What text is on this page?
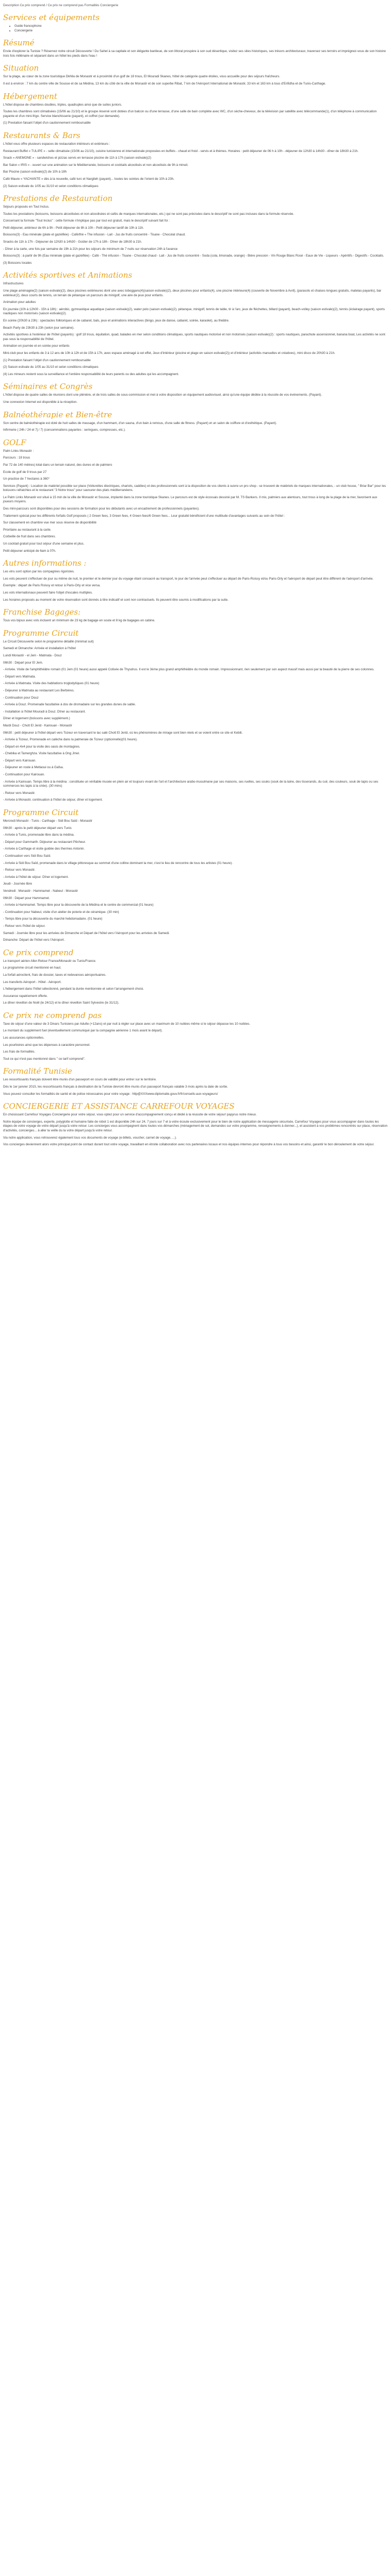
Description Ce prix comprend / Ce prix ne comprend pas Formalités Conciergerie

Services et équipements
• Guide francophone
• Conciergerie
Résumé

Envie d'explorer la Tunisie ? Réservez notre circuit Découverte ! Du Sahel à sa capitale et son élégante banlieue, de son littoral prospère à son sud désertique, visitez ses sites historiques, ses trésors architecturaux, traversez ses terroirs et imprégnez-vous de son histoire trois fois millénaire et séparant dans un hôtel les pieds dans l'eau !

Situation

Sur la plage, au cœur de la zone touristique Dkhila de Monastir et à proximité d'un golf de 18 trous, El Mouradi Skanes, hôtel de catégorie quatre étoiles, vous accueille pour des séjours fraîcheurs.

Il est à environ : 7 km du centre ville de Sousse et de sa Médina, 13 km du côté de la ville de Monastir et de son superbe Ribat, 7 km de l'Aéroport International de Monastir, 33 km et 163 km à tous d'Enfidha et de Tunis-Carthage.

Hébergement

L'hôtel dispose de chambres doubles, triples, quadruples ainsi que de suites juniors.

Toutes les chambres sont climatisées (15/06 au 21/10) et le groupe réservé sont dotées d'un balcon ou d'une terrasse, d'une salle de bain complète avec WC, d'un sèche-cheveux, de la télévision par satellite avec télécommande(1), d'un téléphone à communication payante et d'un mini-frigo. Service blanchisserie (payant), et coffret (sur demande).

(1) Prestation faisant l'objet d'un cautionnement remboursable

Restaurants & Bars

L'hôtel vous offre plusieurs espaces de restauration intérieurs et extérieurs :

Restaurant Buffet « TULIPE » - selle climatisée (15/06 au 21/10), cuisine tunisienne et internationale proposées en buffets - chaud et froid - servis et à thèmes. Horaires : petit déjeuner de 06 h à 10h - déjeuner de 12h30 à 14h30 - dîner de 18h30 à 21h.

Snack « ANEMONE » - sandwiches et pizzas servis en terrasse piscine de 11h à 17h (saison estivale)(2)

Bar Salon « IRIS » - ouvert sur une animation sur le Méditerranée, boissons et cocktails alcoolisés et non alcoolisés de 9h à minuit.

Bar Piscine (saison estivale)(2) de 10h à 18h

Café Maure « YACHANTE » dès à la nouvelle, café turc et Nargileh (payant)... toutes les soirées de l'orient de 10h à 23h.

(2) Saison estivale du 1/05 au 31/10 et selon conditions climatiques

Prestations de Restauration

Séjours proposés en Tout Inclus.

Toutes les prestations (boissons, boissons alcoolisées et non alcoolisées et cafés de marques internationales, etc.) qui ne sont pas précisées dans le descriptif ne sont pas incluses dans la formule réservée.

Concernant la formule "Tout Inclus" : cette formule n'implique pas par tout est gratuit, mais le descriptif suivant fait foi :

Petit déjeuner, antérieur de 6h à 9h - Petit déjeuner de 8h à 10h - Petit déjeuner tardif de 10h à 11h.

Boissons(3) - Eau minérale (plate et gazéifiée) - Café/thé « The infusion - Lait - Jus de fruits concentré - Tisane - Chocolat chaud.

Snacks de 11h à 17h - Déjeuner de 12h30 à 14h30 - Goûter de 17h à 18h - Dîner de 18h30 à 21h.

- Dîner à la carte, une fois par semaine de 19h à 21h pour les séjours de minimum de 7 nuits sur réservation 24h à l'avance

Boissons(3) : à partir de 9h (Eau minérale (plate et gazéifiée) - Café - Thé infusion - Tisane - Chocolat chaud - Lait - Jus de fruits concentré - Soda (cola, limonade, orange) - Bière pression - Vin Rouge Blanc Rosé - Eaux de Vie - Liqueurs - Apéritifs - Digestifs - Cocktails.

(3) Boissons locales

Activités sportives et Animations

Infrastructures

Une plage aménagée(2) (saison estivale)(2), deux piscines extérieures dont une avec toboggans(4)(saison estivale)(2), deux piscines pour enfants(4), une piscine intérieure(4) (couverte de Novembre à Avril), (parasols et chaises longues gratuits, matelas payants), bar extérieur(2), deux courts de tennis, un terrain de pétanque un parcours de minigolf, une aire de jeux pour enfants.

Animation pour adultes

En journée (10h à 12h00 - 15h à 18h) : aérobic, gymnastique aquatique (saison estivale)(2), water polo (saison estivale)(2), pétanque, minigolf, tennis de table, tir à l'arc, jeux de fléchettes, billard (payant), beach-volley (saison estivale)(2), tennis (éclairage payant), sports nautiques non motorisés (saison estivale)(2).

En soirée (20h30 à 23h) : spectacles folkloriques et de cabaret, bals, jeux et animations interactives (bingo, jeux de danse, cabaret, soirée, karaoké), au théâtre.

Beach Party de 23h30 à 23h (selon jour semaine).

Activités sportives à l'extérieur de l'hôtel (payants) : golf 18 trous, équitation, quad, balades en mer selon conditions climatiques, sports nautiques motorisé et non motorisés (saison estivale)(2) : sports nautiques, parachute ascensionnel, banana boat, Les activités ne sont pas sous la responsabilité de l'hôtel.

Animation en journée et en soirée pour enfants

Mini-club pour les enfants de 3 à 12 ans de 10h à 12h et de 15h à 17h, avec espace aménagé à cet effet, Jeux d'intérieur (piscine et plage en saison estivale(2)) et d'intérieur (activités manuelles et créatives), mini disco de 20h30 à 21h.

(1) Prestation faisant l'objet d'un cautionnement remboursable

(2) Saison estivale du 1/05 au 31/10 et selon conditions climatiques

(4) Les mineurs restent sous la surveillance et l'entière responsabilité de leurs parents ou des adultes qui les accompagnent.

Séminaires et Congrès

L'hôtel dispose de quatre salles de réunions dont une plénière, et de trois salles de sous-commission et met à votre disposition un équipement audiovisuel, ainsi qu'une équipe dédiée à la réussite de vos événements. (Payant).

Une connexion Internet est disponible à la réception.

Balnéothérapie et Bien-être

Son centre de balnéothérapie est doté de huit salles de massage, d'un hammam, d'un sauna, d'un bain à remous, d'une salle de fitness. (Payant) et un salon de coiffure et d'esthétique. (Payant).

Infirmerie ( 24h / 24 et 7j / 7) (consommations payantes : seringues, compresses, etc.).

GOLF

Palm Links Monastir :

Parcours : 18 trous

Par 72 de 140 mètres(-total dans un terrain naturel, des dunes et de palmiers

Ecole de golf de 9 trous par 27

Un practice de 7 hectares à 360°

Services (Payant) : Location de matériel possible sur place (Voiturettes électriques, chariots, caddies) et des professionnels sont à la disposition de vos clients à suivre un pro shop - se trouvent de matériels de marques internationales, - un club house, " Briar Bar" pour les boissons rafraichies et le restaurant "3 Notre trous" pour savourer des plats méditerranéens.

Le Palm Links Monastir est situé à 15 min de la ville de Monastir et Sousse, implanté dans la zone touristique Skanes. Le parcours est de style écossais dessiné par M. TS Bankers. Il mix, palmiers aux alentours, tout trous à long de la plage de la mer, favorisent aux joueurs moyens.

Des mini-parcours sont disponibles pour des sessions de formation pour les débutants avec un encadrement de professionnels (payantes).

Traitement spécial pour les différents forfaits Golf proposés ( 2 Green fees, 3 Green fees, 4 Green fees/6 Green fees... Leur gratuité bénéficient d'une multitude d'avantages suivants au sein de l'hôtel :

Sur classement en chambre vue mer sous réserve de disponibilité

Prioritaire au restaurant à la carte.

Corbeille de fruit dans ses chambres.

Un cocktail gratuit pour tout séjour d'une semaine et plus.

Petit déjeuner anticipé de 6am à 07h.

Autres informations :

Les vins sont option par les compagnies rigoristes.

Les vols peuvent s'effectuer de jour ou même de nuit, le premier et le dernier jour du voyage étant consacré au transport, le jour de l'arrivée peut s'effectuer au départ de Paris-Roissy et/ou Paris-Orly et l'aéroport de départ peut être différent de l'aéroport d'arrivée.

Exemple : départ de Paris Roissy et retour à Paris-Orly et vice versa.

Les vols internationaux peuvent faire l'objet d'escales multiples.

Les horaires proposés au moment de votre réservation sont donnés à titre indicatif et sont non contractuels. Ils peuvent être soumis à modifications par la suite.

Franchise Bagages:

Tous vos bijoux avec vols incluent un minimum de 23 kg de bagage en soute et 8 kg de bagages en cabine.

Programme Circuit

Le Circuit Découverte selon le programme détaillé (minimal suit)

Samedi et Dimanche: Arrivée et installation à l'hôtel

Lundi Monastir - el Jem - Matmata - Douz

06h30 : Départ pour El Jem.

- Arrivée. Visite de l'amphithéâtre romain (01 Jem (01 heure) aussi appelé Colisée de Thysdrus. Il est le 3ème plus grand amphithéâtre du monde romain. Impressionnant, rien seulement par son aspect massif mais aussi par la beauté de la pierre de ses colonnes.

- Départ vers Matmata.

- Arrivée à Matmata. Visite des habitations troglodytiques (01 heure)

- Déjeuner à Matmata au restaurant Les Berbères.

- Continuation pour Douz

- Arrivée à Douz. Promenade facultative à dos de dromadaire sur les grandes dunes de sable.

- Installation à l'hôtel Mouradi à Douz. Dîner au restaurant.

Dîner et logement (boissons avec supplément.)

Mardi Douz - Chott El Jerid - Kairouan - Monastir

06h30 : petit déjeuner à l'hôtel départ vers Tozeur en traversant le lac salé Chott El Jerid, où les phénomènes de mirage sont bien réels et se voient entre ce site et Kebili.

- Arrivée à Tozeur, Promenade en calèche dans la palmeraie de Tozeur (optionnelle)(01 heure).

- Départ en 4x4 pour la visite des oasis de montagnes.

- Chebika et Tamerghza. Visite facultative à Ong Jmel.

- Départ vers Kairouan.

- Déjeuner en route à Metlaoui ou à Gafsa.

- Continuation pour Kairouan.

- Arrivée à Kairouan. Temps libre à la médina : constituée un véritable musée en plein air et toujours vivant de l'art et l'architecture arabo-musulmane par ses maisons, ses ruelles, ses souks (souk de la laine, des tisserands, du cuir, des couleurs, souk de tapis ou ses commerces les tapis à la criée). (30 mins)

- Retour vers Monastir.

- Arrivée à Monastir, continuation à l'hôtel de séjour, dîner et logement.

Programme Circuit

Mercredi Monastir - Tunis - Carthage - Sidi Bou Saïd - Monastir

06h30 : après le petit déjeuner départ vers Tunis

- Arrivée à Tunis, promenade libre dans la médina.

- Départ pour Gammarth. Déjeuner au restaurant Pêcheur.

- Arrivée à Carthage et visite guidée des thermes Antonin.

- Continuation vers Sidi Bou Saïd.

- Arrivée à Sidi Bou Saïd, promenade dans le village pittoresque au sommet d'une colline dominant la mer, c'est le lieu de rencontre de tous les artistes (01 heure).

- Retour vers Monastir.

- Arrivée à l'hôtel de séjour. Dîner et logement.

Jeudi - Journée libre

Vendredi : Monastir - Hammamet - Nabeul - Monastir

06h30 : Départ pour Hammamet.

- Arrivée à Hammamet. Temps libre pour la découverte de la Médina et le centre de commercial (01 heure)

- Continuation pour Nabeul, visite d'un atelier de poterie et de céramique. (30 min)

- Temps libre pour la découverte du marché hebdomadaire. (01 heure)

- Retour vers l'hôtel de séjour.

Samedi : Journée libre pour les arrivées de Dimanche et Départ de l'hôtel vers l'Aéroport pour les arrivées de Samedi.

Dimanche: Départ de l'hôtel vers l'Aéroport.

Ce prix comprend

Le transport aérien Aller-Retour France/Monastir ou Tunis/France.

Le programme circuit mentionné en haut.

La forfait aéroclient, frais de dossier, taxes et redevances aéroportuaires.

Les transferts Aéroport - Hôtel - Aéroport.

L'hébergement dans l'hôtel sélectionné, pendant la durée mentionnée et selon l'arrangement choisi.

Assurance rapatriement offerte.

Le dîner réveillon de Noël (le 24/12) et le dîner réveillon Saint Sylvestre (le 31/12).

Ce prix ne comprend pas

Taxe de séjour d'une valeur de 3 Dinars Tunisiens par Adulte (+12ans) et par nuit à régler sur place avec un maximum de 10 nuitées même si le séjour dépasse les 10 nuitées.

Le montant du supplément fuel (éventuellement communiqué par la compagnie aérienne 1 mois avant le départ).

Les assurances optionnelles.

Les pourboires ainsi que les dépenses à caractère personnel.

Les frais de formalités.

Tout ce qui n'est pas mentionné dans " ce tarif comprend".

Formalité Tunisie

Les ressortissants français doivent être munis d'un passeport en cours de validité pour entrer sur le territoire.

Dès le 1er janvier 2015, les ressortissants français à destination de la Tunisie devront être munis d'un passeport français valable 3 mois après la date de sortie.

Vous pouvez consulter les formalités de santé et de police nécessaires pour votre voyage : http@XXXwww.diplomatie.gouv.fr/fr/conseils-aux-voyageurs/

CONCIERGERIE ET ASSISTANCE CARREFOUR VOYAGES

En choisissant Carrefour Voyages Conciergerie pour votre séjour, vous optez pour un service d'accompagnement conçu et dédié à la réussite de votre séjour/ papyrus notre mieux.

Notre équipe de concierges, experte, polyglotte et humaine faite de robot 1 est disponible 24h sur 24, 7 jours sur 7 et à votre écoute exclusivement pour le bien de notre application de messagerie sécurisée, Carrefour Voyages pour vous accompagner dans toutes les étapes de votre voyage de votre départ jusqu'à votre retour. Les concierges vous accompagnent dans toutes vos démarches (ménagement de sol, demandes sur votre programme, renseignements à donner...), et assistent à vos problèmes rencontrés sur place, réservation d'activités, concierges... à aller la veille du la votre départ jusqu'à votre retour.

Via notre application, vous retrouverez également tous vos documents de voyage (e-billets, voucher, carnet de voyage, ...).

Vos concierges deviennent alors votre principal point de contact durant tout votre voyage, travaillant en étroite collaboration avec nos partenaires locaux et nos équipes internes pour répondre à tous vos besoins et ainsi, garantir le bon déroulement de votre séjour.
